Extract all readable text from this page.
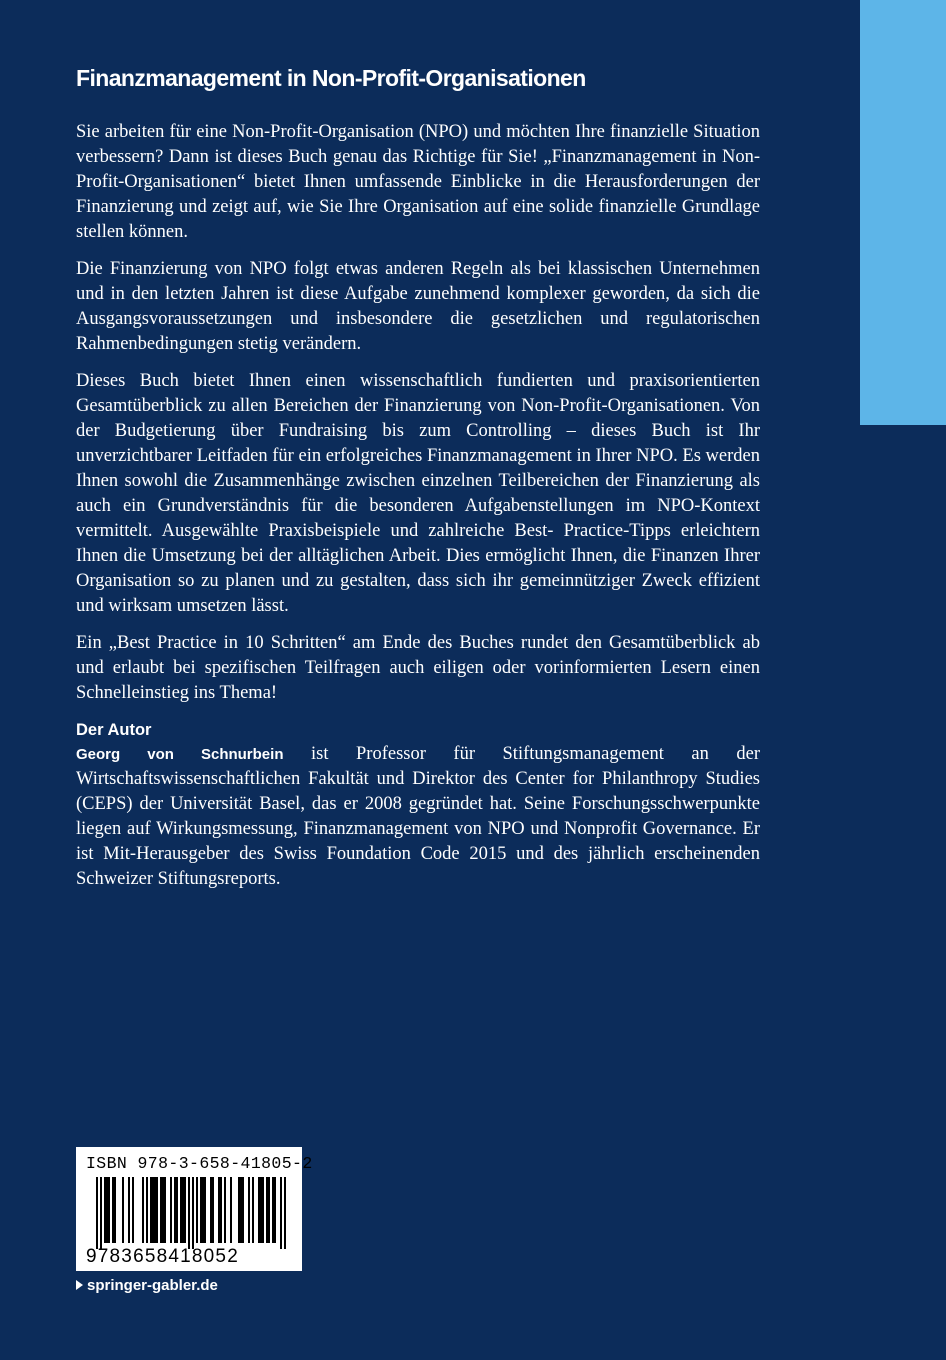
Finanzmanagement in Non-Profit-Organisationen

Sie arbeiten für eine Non-Profit-Organisation (NPO) und möchten Ihre finanzielle Situation verbessern? Dann ist dieses Buch genau das Richtige für Sie! „Finanzmanagement in Non-Profit-Organisationen“ bietet Ihnen umfassende Einblicke in die Herausforderungen der Finanzierung und zeigt auf, wie Sie Ihre Organisation auf eine solide finanzielle Grundlage stellen können.

Die Finanzierung von NPO folgt etwas anderen Regeln als bei klassischen Unternehmen und in den letzten Jahren ist diese Aufgabe zunehmend komplexer geworden, da sich die Ausgangsvoraussetzungen und insbesondere die gesetzlichen und regulatorischen Rahmenbedingungen stetig verändern.

Dieses Buch bietet Ihnen einen wissenschaftlich fundierten und praxisorientierten Gesamtüberblick zu allen Bereichen der Finanzierung von Non-Profit-Organisationen. Von der Budgetierung über Fundraising bis zum Controlling – dieses Buch ist Ihr unverzichtbarer Leitfaden für ein erfolgreiches Finanzmanagement in Ihrer NPO. Es werden Ihnen sowohl die Zusammenhänge zwischen einzelnen Teilbereichen der Finanzierung als auch ein Grundverständnis für die besonderen Aufgabenstellungen im NPO-Kontext vermittelt. Ausgewählte Praxisbeispiele und zahlreiche Best- Practice-Tipps erleichtern Ihnen die Umsetzung bei der alltäglichen Arbeit. Dies ermöglicht Ihnen, die Finanzen Ihrer Organisation so zu planen und zu gestalten, dass sich ihr gemeinnütziger Zweck effizient und wirksam umsetzen lässt.

Ein „Best Practice in 10 Schritten“ am Ende des Buches rundet den Gesamtüberblick ab und erlaubt bei spezifischen Teilfragen auch eiligen oder vorinformierten Lesern einen Schnelleinstieg ins Thema!

Der Autor

Georg von Schnurbein ist Professor für Stiftungsmanagement an der Wirtschaftswissenschaftlichen Fakultät und Direktor des Center for Philanthropy Studies (CEPS) der Universität Basel, das er 2008 gegründet hat. Seine Forschungsschwerpunkte liegen auf Wirkungsmessung, Finanzmanagement von NPO und Nonprofit Governance. Er ist Mit-Herausgeber des Swiss Foundation Code 2015 und des jährlich erscheinenden Schweizer Stiftungsreports.

ISBN 978-3-658-41805-2
9783658418052
springer-gabler.de
